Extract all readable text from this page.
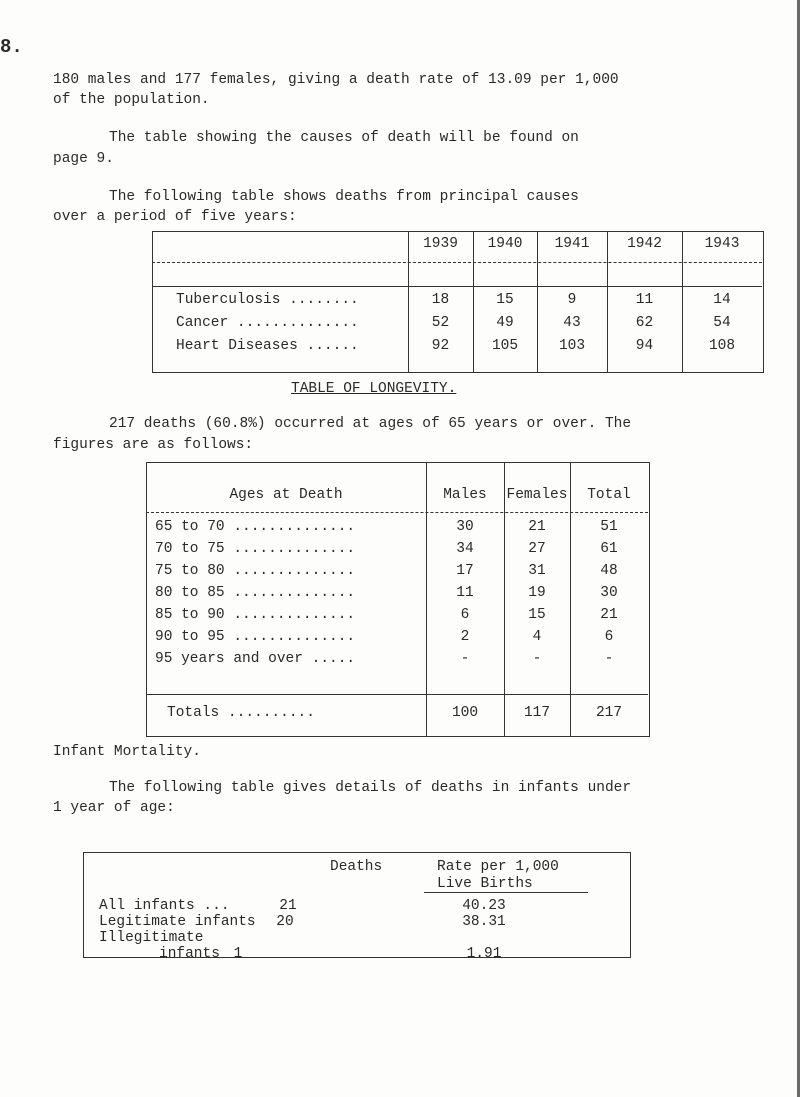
8.
180 males and 177 females, giving a death rate of 13.09 per 1,000
of the population.
The table showing the causes of death will be found on
page 9.
The following table shows deaths from principal causes
over a period of five years:
1939	1940	1941	1942	1943
Tuberculosis ........	18	15	9	11	14
Cancer ..............	52	49	43	62	54
Heart Diseases ......	92	105	103	94	108
TABLE OF LONGEVITY.
217 deaths (60.8%) occurred at ages of 65 years or over. The
figures are as follows:
Ages at Death	Males	Females	Total
65 to 70 ..............	30	21	51
70 to 75 ..............	34	27	61
75 to 80 ..............	17	31	48
80 to 85 ..............	11	19	30
85 to 90 ..............	6	15	21
90 to 95 ..............	2	4	6
95 years and over .....	-	-	-
Totals ..........	100	117	217
Infant Mortality.
The following table gives details of deaths in infants under
1 year of age:
Deaths	Rate per 1,000
Live Births
All infants ...	21	40.23
Legitimate infants	20	38.31
Illegitimate
infants 1	1.91
